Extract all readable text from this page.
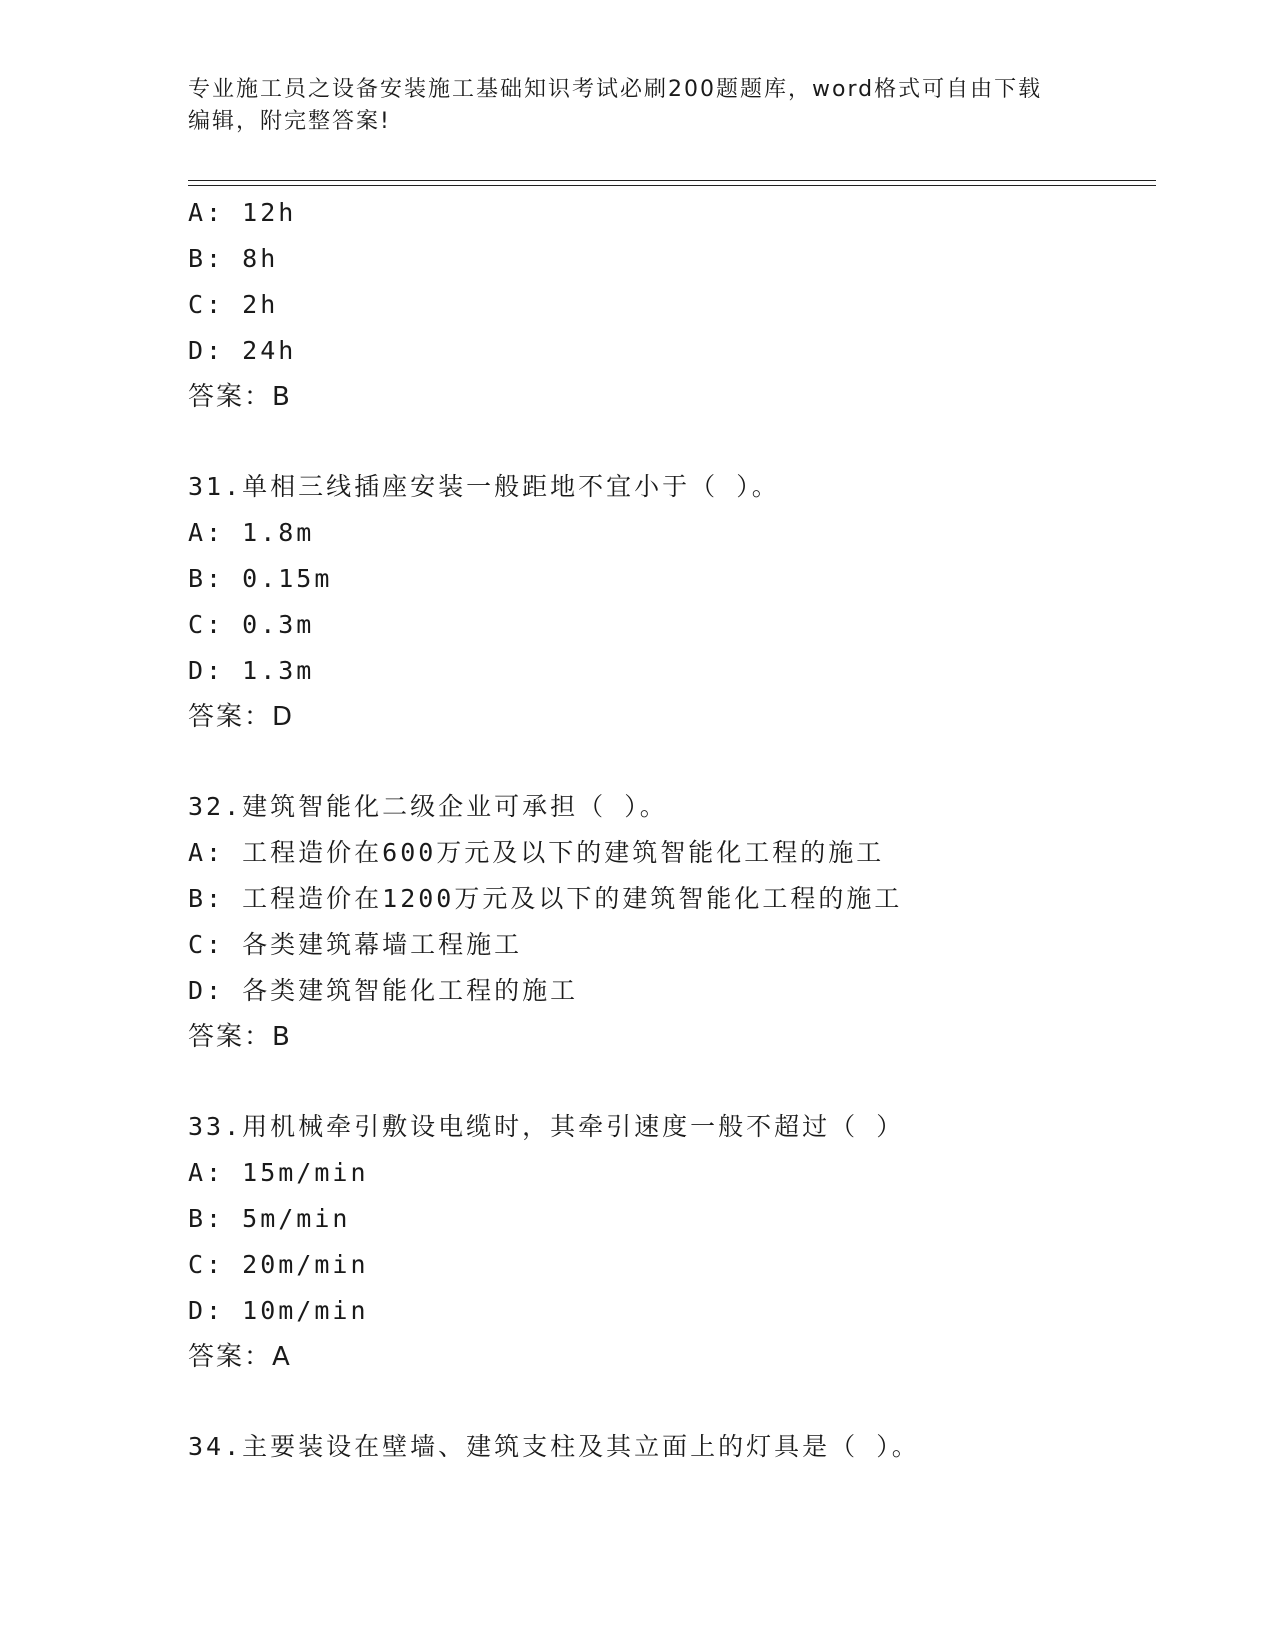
专业施工员之设备安装施工基础知识考试必刷200题题库，word格式可自由下载
编辑，附完整答案!
A: 12h
B: 8h
C: 2h
D: 24h
答案：B
31.单相三线插座安装一般距地不宜小于（ ）。
A: 1.8m
B: 0.15m
C: 0.3m
D: 1.3m
答案：D
32.建筑智能化二级企业可承担（ ）。
A: 工程造价在600万元及以下的建筑智能化工程的施工
B: 工程造价在1200万元及以下的建筑智能化工程的施工
C: 各类建筑幕墙工程施工
D: 各类建筑智能化工程的施工
答案：B
33.用机械牵引敷设电缆时，其牵引速度一般不超过（ ）
A: 15m/min
B: 5m/min
C: 20m/min
D: 10m/min
答案：A
34.主要装设在壁墙、建筑支柱及其立面上的灯具是（ ）。
